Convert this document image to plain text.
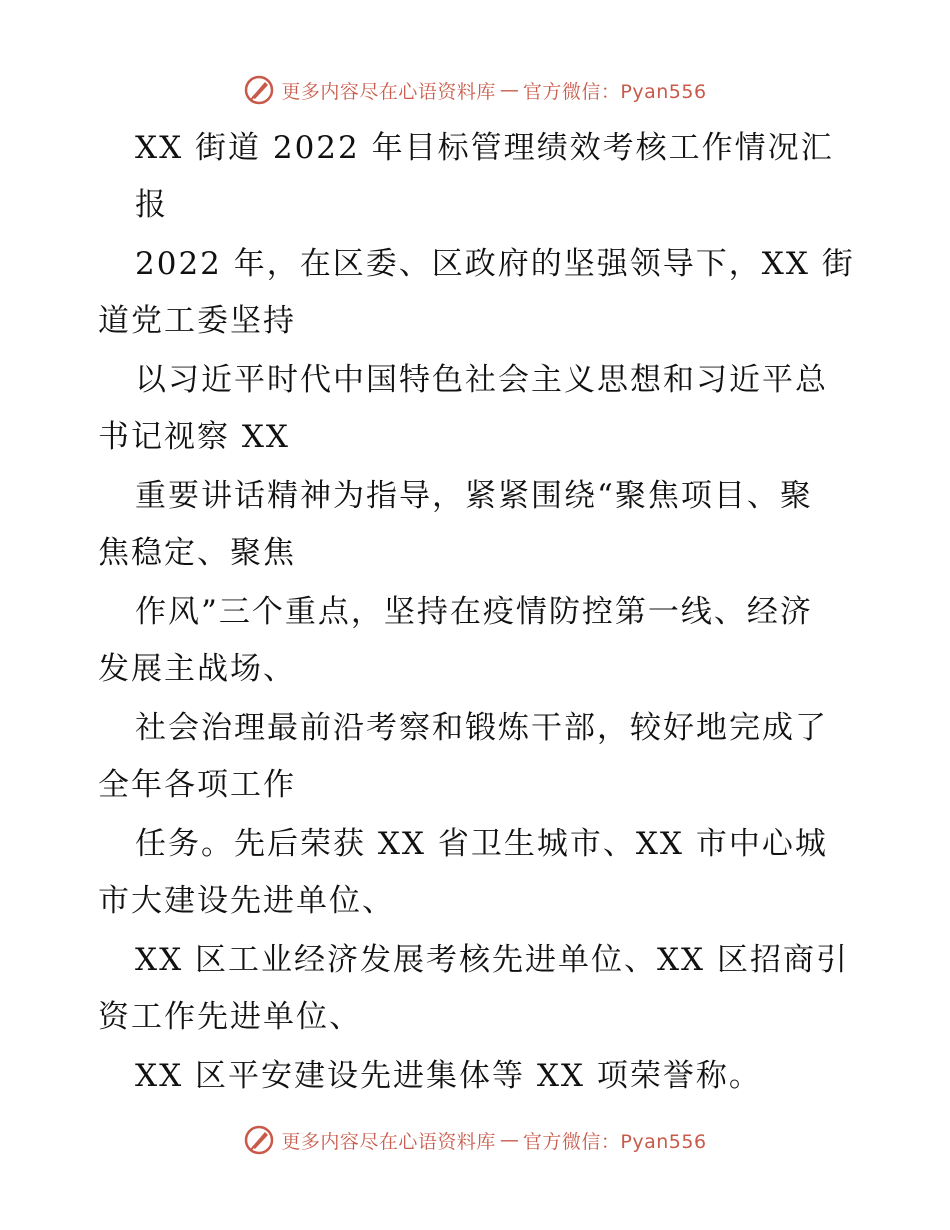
更多内容尽在心语资料库 — 官方微信：Pyan556
XX 街道 2022 年目标管理绩效考核工作情况汇
报
2022 年，在区委、区政府的坚强领导下，XX 街
道党工委坚持
以习近平时代中国特色社会主义思想和习近平总
书记视察 XX
重要讲话精神为指导，紧紧围绕“聚焦项目、聚
焦稳定、聚焦
作风”三个重点，坚持在疫情防控第一线、经济
发展主战场、
社会治理最前沿考察和锻炼干部，较好地完成了
全年各项工作
任务。先后荣获 XX 省卫生城市、XX 市中心城
市大建设先进单位、
XX 区工业经济发展考核先进单位、XX 区招商引
资工作先进单位、
XX 区平安建设先进集体等 XX 项荣誉称。
更多内容尽在心语资料库 — 官方微信：Pyan556
